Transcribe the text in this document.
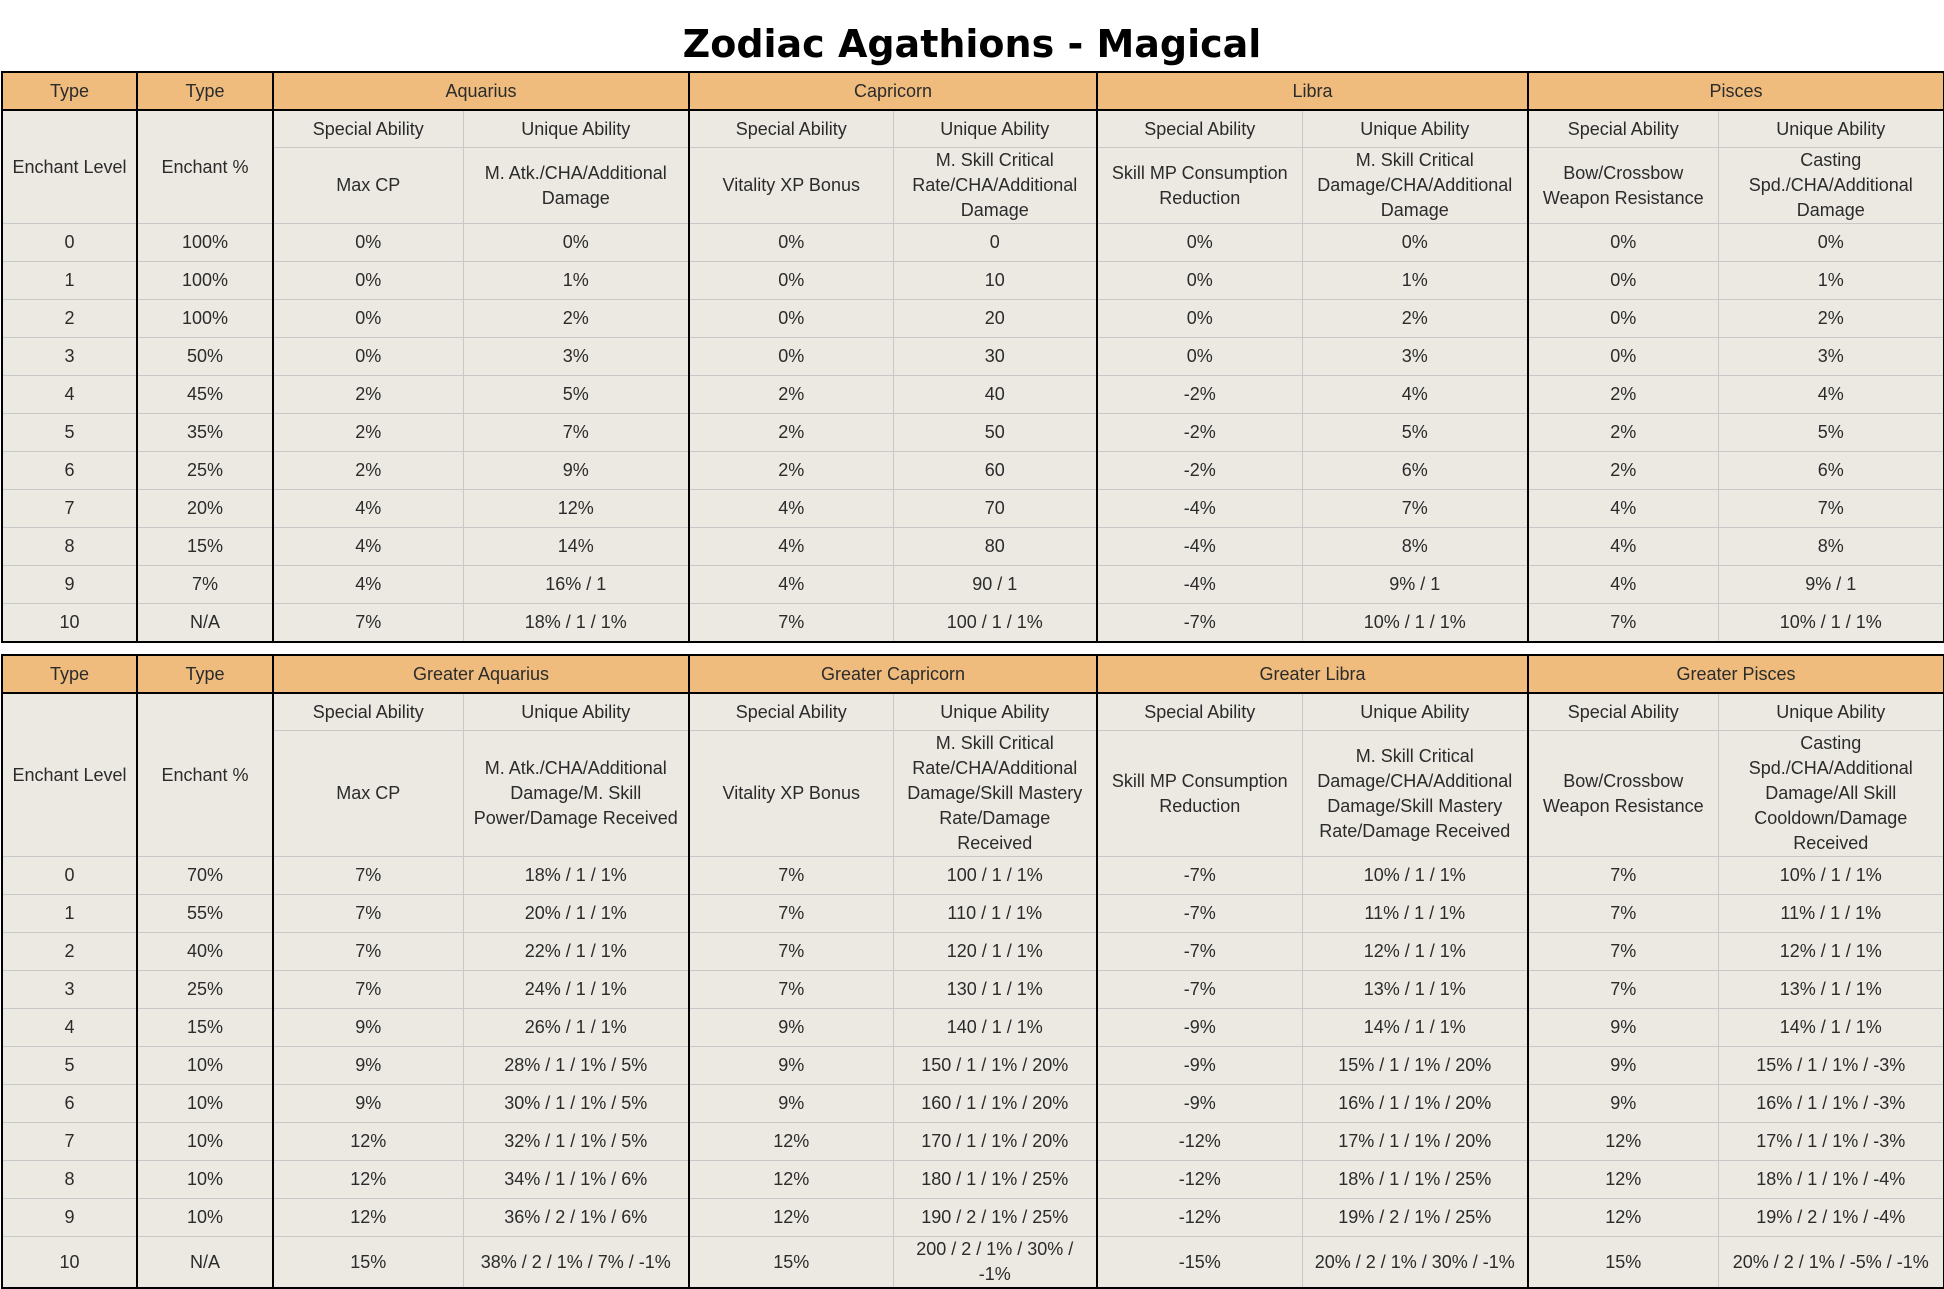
Zodiac Agathions - Magical
Type	Type	Aquarius		Capricorn		Libra		Pisces	
Enchant Level	Enchant %	Special Ability	Unique Ability	Special Ability	Unique Ability	Special Ability	Unique Ability	Special Ability	Unique Ability
		Max CP	M. Atk./CHA/Additional Damage	Vitality XP Bonus	M. Skill Critical Rate/CHA/Additional Damage	Skill MP Consumption Reduction	M. Skill Critical Damage/CHA/Additional Damage	Bow/Crossbow Weapon Resistance	Casting Spd./CHA/Additional Damage
0	100%	0%	0%	0%	0	0%	0%	0%	0%
1	100%	0%	1%	0%	10	0%	1%	0%	1%
2	100%	0%	2%	0%	20	0%	2%	0%	2%
3	50%	0%	3%	0%	30	0%	3%	0%	3%
4	45%	2%	5%	2%	40	-2%	4%	2%	4%
5	35%	2%	7%	2%	50	-2%	5%	2%	5%
6	25%	2%	9%	2%	60	-2%	6%	2%	6%
7	20%	4%	12%	4%	70	-4%	7%	4%	7%
8	15%	4%	14%	4%	80	-4%	8%	4%	8%
9	7%	4%	16% / 1	4%	90 / 1	-4%	9% / 1	4%	9% / 1
10	N/A	7%	18% / 1 / 1%	7%	100 / 1 / 1%	-7%	10% / 1 / 1%	7%	10% / 1 / 1%
Type	Type	Greater Aquarius		Greater Capricorn		Greater Libra		Greater Pisces	
Enchant Level	Enchant %	Special Ability	Unique Ability	Special Ability	Unique Ability	Special Ability	Unique Ability	Special Ability	Unique Ability
		Max CP	M. Atk./CHA/Additional Damage/M. Skill Power/Damage Received	Vitality XP Bonus	M. Skill Critical Rate/CHA/Additional Damage/Skill Mastery Rate/Damage Received	Skill MP Consumption Reduction	M. Skill Critical Damage/CHA/Additional Damage/Skill Mastery Rate/Damage Received	Bow/Crossbow Weapon Resistance	Casting Spd./CHA/Additional Damage/All Skill Cooldown/Damage Received
0	70%	7%	18% / 1 / 1%	7%	100 / 1 / 1%	-7%	10% / 1 / 1%	7%	10% / 1 / 1%
1	55%	7%	20% / 1 / 1%	7%	110 / 1 / 1%	-7%	11% / 1 / 1%	7%	11% / 1 / 1%
2	40%	7%	22% / 1 / 1%	7%	120 / 1 / 1%	-7%	12% / 1 / 1%	7%	12% / 1 / 1%
3	25%	7%	24% / 1 / 1%	7%	130 / 1 / 1%	-7%	13% / 1 / 1%	7%	13% / 1 / 1%
4	15%	9%	26% / 1 / 1%	9%	140 / 1 / 1%	-9%	14% / 1 / 1%	9%	14% / 1 / 1%
5	10%	9%	28% / 1 / 1% / 5%	9%	150 / 1 / 1% / 20%	-9%	15% / 1 / 1% / 20%	9%	15% / 1 / 1% / -3%
6	10%	9%	30% / 1 / 1% / 5%	9%	160 / 1 / 1% / 20%	-9%	16% / 1 / 1% / 20%	9%	16% / 1 / 1% / -3%
7	10%	12%	32% / 1 / 1% / 5%	12%	170 / 1 / 1% / 20%	-12%	17% / 1 / 1% / 20%	12%	17% / 1 / 1% / -3%
8	10%	12%	34% / 1 / 1% / 6%	12%	180 / 1 / 1% / 25%	-12%	18% / 1 / 1% / 25%	12%	18% / 1 / 1% / -4%
9	10%	12%	36% / 2 / 1% / 6%	12%	190 / 2 / 1% / 25%	-12%	19% / 2 / 1% / 25%	12%	19% / 2 / 1% / -4%
10	N/A	15%	38% / 2 / 1% / 7% / -1%	15%	200 / 2 / 1% / 30% / -1%	-15%	20% / 2 / 1% / 30% / -1%	15%	20% / 2 / 1% / -5% / -1%
